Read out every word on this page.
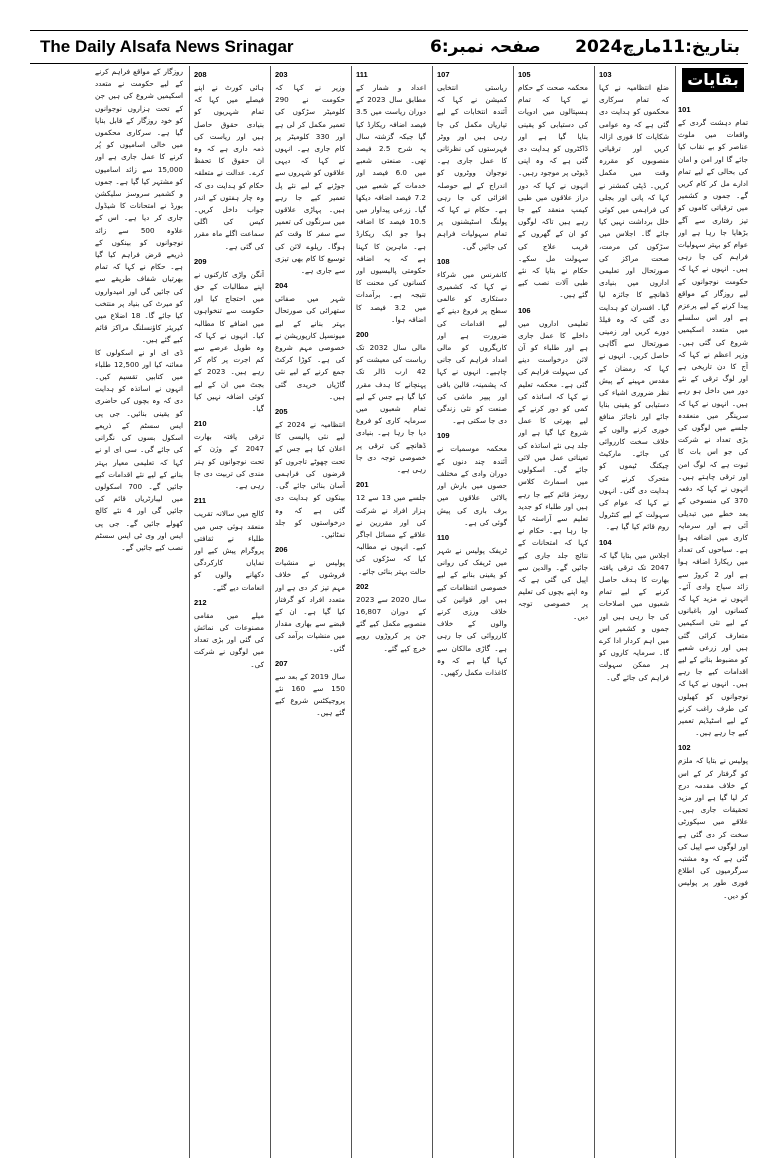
The Daily Alsafa News Srinagar	صفحہ نمبر:6 بتاریخ:11مارچ2024
بقایات
101
تمام دہشت گردی کے واقعات میں ملوث عناصر کو بے نقاب کیا جائے گا اور امن و امان کی بحالی کے لیے تمام ادارے مل کر کام کریں گے۔ جموں و کشمیر میں ترقیاتی کاموں کو تیز رفتاری سے آگے بڑھایا جا رہا ہے اور عوام کو بہتر سہولیات فراہم کی جا رہی ہیں۔ انہوں نے کہا کہ حکومت نوجوانوں کے لیے روزگار کے مواقع پیدا کرنے کے لیے پرعزم ہے اور اس سلسلے میں متعدد اسکیمیں شروع کی گئی ہیں۔ وزیر اعظم نے کہا کہ آج کا دن تاریخی ہے اور لوگ ترقی کے نئے دور میں داخل ہو رہے ہیں۔ انہوں نے کہا کہ سرینگر میں منعقدہ جلسے میں لوگوں کی بڑی تعداد نے شرکت کی جو اس بات کا ثبوت ہے کہ لوگ امن اور ترقی چاہتے ہیں۔ انہوں نے کہا کہ دفعہ 370 کی منسوخی کے بعد خطے میں تبدیلی آئی ہے اور سرمایہ کاری میں اضافہ ہوا ہے۔ سیاحوں کی تعداد میں ریکارڈ اضافہ ہوا ہے اور 2 کروڑ سے زائد سیاح وادی آئے۔ انہوں نے مزید کہا کہ کسانوں اور باغبانوں کے لیے نئی اسکیمیں متعارف کرائی گئی ہیں اور زرعی شعبے کو مضبوط بنانے کے لیے اقدامات کیے جا رہے ہیں۔ انہوں نے کہا کہ نوجوانوں کو کھیلوں کی طرف راغب کرنے کے لیے اسٹیڈیم تعمیر کیے جا رہے ہیں۔
102
پولیس نے بتایا کہ ملزم کو گرفتار کر کے اس کے خلاف مقدمہ درج کر لیا گیا ہے اور مزید تحقیقات جاری ہیں۔ علاقے میں سیکورٹی سخت کر دی گئی ہے اور لوگوں سے اپیل کی گئی ہے کہ وہ مشتبہ سرگرمیوں کی اطلاع فوری طور پر پولیس کو دیں۔
103
ضلع انتظامیہ نے کہا کہ تمام سرکاری محکموں کو ہدایت دی گئی ہے کہ وہ عوامی شکایات کا فوری ازالہ کریں اور ترقیاتی منصوبوں کو مقررہ وقت میں مکمل کریں۔ ڈپٹی کمشنر نے کہا کہ پانی اور بجلی کی فراہمی میں کوئی خلل برداشت نہیں کیا جائے گا۔ اجلاس میں سڑکوں کی مرمت، صحت مراکز کی صورتحال اور تعلیمی اداروں میں بنیادی ڈھانچے کا جائزہ لیا گیا۔ افسران کو ہدایت دی گئی کہ وہ فیلڈ دورے کریں اور زمینی صورتحال سے آگاہی حاصل کریں۔ انہوں نے کہا کہ رمضان کے مقدس مہینے کے پیش نظر ضروری اشیاء کی دستیابی کو یقینی بنایا جائے اور ناجائز منافع خوری کرنے والوں کے خلاف سخت کارروائی کی جائے۔ مارکیٹ چیکنگ ٹیموں کو متحرک کرنے کی ہدایت دی گئی۔ انہوں نے کہا کہ عوام کی سہولت کے لیے کنٹرول روم قائم کیا گیا ہے۔
104
اجلاس میں بتایا گیا کہ 2047 تک ترقی یافتہ بھارت کا ہدف حاصل کرنے کے لیے تمام شعبوں میں اصلاحات کی جا رہی ہیں اور جموں و کشمیر اس میں اہم کردار ادا کرے گا۔ سرمایہ کاروں کو ہر ممکن سہولت فراہم کی جائے گی۔
105
محکمہ صحت کے حکام نے کہا کہ تمام ہسپتالوں میں ادویات کی دستیابی کو یقینی بنایا گیا ہے اور ڈاکٹروں کو ہدایت دی گئی ہے کہ وہ اپنی ڈیوٹی پر موجود رہیں۔ انہوں نے کہا کہ دور دراز علاقوں میں طبی کیمپ منعقد کیے جا رہے ہیں تاکہ لوگوں کو ان کے گھروں کے قریب علاج کی سہولت مل سکے۔ حکام نے بتایا کہ نئے طبی آلات نصب کیے گئے ہیں۔
106
تعلیمی اداروں میں داخلے کا عمل جاری ہے اور طلباء کو آن لائن درخواست دینے کی سہولت فراہم کی گئی ہے۔ محکمہ تعلیم نے کہا کہ اساتذہ کی کمی کو دور کرنے کے لیے بھرتی کا عمل شروع کیا گیا ہے اور جلد ہی نئے اساتذہ کی تعیناتی عمل میں لائی جائے گی۔ اسکولوں میں اسمارٹ کلاس رومز قائم کیے جا رہے ہیں اور طلباء کو جدید تعلیم سے آراستہ کیا جا رہا ہے۔ حکام نے کہا کہ امتحانات کے نتائج جلد جاری کیے جائیں گے۔ والدین سے اپیل کی گئی ہے کہ وہ اپنے بچوں کی تعلیم پر خصوصی توجہ دیں۔
107
ریاستی انتخابی کمیشن نے کہا کہ آئندہ انتخابات کے لیے تیاریاں مکمل کی جا رہی ہیں اور ووٹر فہرستوں کی نظرثانی کا عمل جاری ہے۔ نوجوان ووٹروں کو اندراج کے لیے حوصلہ افزائی کی جا رہی ہے۔ حکام نے کہا کہ پولنگ اسٹیشنوں پر تمام سہولیات فراہم کی جائیں گی۔
108
کانفرنس میں شرکاء نے کہا کہ کشمیری دستکاری کو عالمی سطح پر فروغ دینے کے لیے اقدامات کی ضرورت ہے اور کاریگروں کو مالی امداد فراہم کی جانی چاہیے۔ انہوں نے کہا کہ پشمینہ، قالین بافی اور پیپر ماشی کی صنعت کو نئی زندگی دی جا سکتی ہے۔
109
محکمہ موسمیات نے آئندہ چند دنوں کے دوران وادی کے مختلف حصوں میں بارش اور بالائی علاقوں میں برف باری کی پیش گوئی کی ہے۔
110
ٹریفک پولیس نے شہر میں ٹریفک کی روانی کو یقینی بنانے کے لیے خصوصی انتظامات کیے ہیں اور قوانین کی خلاف ورزی کرنے والوں کے خلاف کارروائی کی جا رہی ہے۔ گاڑی مالکان سے کہا گیا ہے کہ وہ کاغذات مکمل رکھیں۔
111
اعداد و شمار کے مطابق سال 2023 کے دوران ریاست میں 3.5 فیصد اضافہ ریکارڈ کیا گیا جبکہ گزشتہ سال یہ شرح 2.5 فیصد تھی۔ صنعتی شعبے میں 6.0 فیصد اور خدمات کے شعبے میں 7.2 فیصد اضافہ دیکھا گیا۔ زرعی پیداوار میں 10.5 فیصد کا اضافہ ہوا جو ایک ریکارڈ ہے۔ ماہرین کا کہنا ہے کہ یہ اضافہ حکومتی پالیسیوں اور کسانوں کی محنت کا نتیجہ ہے۔ برآمدات میں 3.2 فیصد کا اضافہ ہوا۔
200
مالی سال 2032 تک ریاست کی معیشت کو 42 ارب ڈالر تک پہنچانے کا ہدف مقرر کیا گیا ہے جس کے لیے تمام شعبوں میں سرمایہ کاری کو فروغ دیا جا رہا ہے۔ بنیادی ڈھانچے کی ترقی پر خصوصی توجہ دی جا رہی ہے۔
201
جلسے میں 13 سے 12 ہزار افراد نے شرکت کی اور مقررین نے علاقے کے مسائل اجاگر کیے۔ انہوں نے مطالبہ کیا کہ سڑکوں کی حالت بہتر بنائی جائے۔
202
سال 2020 سے 2023 کے دوران 16,807 منصوبے مکمل کیے گئے جن پر کروڑوں روپے خرچ کیے گئے۔
203
وزیر نے کہا کہ حکومت نے 290 کلومیٹر سڑکوں کی تعمیر مکمل کر لی ہے اور 330 کلومیٹر پر کام جاری ہے۔ انہوں نے کہا کہ دیہی علاقوں کو شہروں سے جوڑنے کے لیے نئے پل تعمیر کیے جا رہے ہیں۔ پہاڑی علاقوں میں سرنگوں کی تعمیر سے سفر کا وقت کم ہوگا۔ ریلوے لائن کی توسیع کا کام بھی تیزی سے جاری ہے۔
204
شہر میں صفائی ستھرائی کی صورتحال بہتر بنانے کے لیے میونسپل کارپوریشن نے خصوصی مہم شروع کی ہے۔ کوڑا کرکٹ جمع کرنے کے لیے نئی گاڑیاں خریدی گئی ہیں۔
205
انتظامیہ نے 2024 کے لیے نئی پالیسی کا اعلان کیا ہے جس کے تحت چھوٹے تاجروں کو قرضوں کی فراہمی آسان بنائی جائے گی۔ بینکوں کو ہدایت دی گئی ہے کہ وہ درخواستوں کو جلد نمٹائیں۔
206
پولیس نے منشیات فروشوں کے خلاف مہم تیز کر دی ہے اور متعدد افراد کو گرفتار کیا گیا ہے۔ ان کے قبضے سے بھاری مقدار میں منشیات برآمد کی گئی۔
207
سال 2019 کے بعد سے 150 سے 160 نئے پروجیکٹس شروع کیے گئے ہیں۔
208
ہائی کورٹ نے اپنے فیصلے میں کہا کہ تمام شہریوں کو بنیادی حقوق حاصل ہیں اور ریاست کی ذمہ داری ہے کہ وہ ان حقوق کا تحفظ کرے۔ عدالت نے متعلقہ حکام کو ہدایت دی کہ وہ چار ہفتوں کے اندر جواب داخل کریں۔ کیس کی اگلی سماعت اگلے ماہ مقرر کی گئی ہے۔
209
آنگن واڑی کارکنوں نے اپنے مطالبات کے حق میں احتجاج کیا اور حکومت سے تنخواہوں میں اضافے کا مطالبہ کیا۔ انہوں نے کہا کہ وہ طویل عرصے سے کم اجرت پر کام کر رہے ہیں۔ 2023 کے بجٹ میں ان کے لیے کوئی اضافہ نہیں کیا گیا۔
210
ترقی یافتہ بھارت 2047 کے وژن کے تحت نوجوانوں کو ہنر مندی کی تربیت دی جا رہی ہے۔
211
کالج میں سالانہ تقریب منعقد ہوئی جس میں طلباء نے ثقافتی پروگرام پیش کیے اور نمایاں کارکردگی دکھانے والوں کو انعامات دیے گئے۔
212
میلے میں مقامی مصنوعات کی نمائش کی گئی اور بڑی تعداد میں لوگوں نے شرکت کی۔
روزگار کے مواقع فراہم کرنے کے لیے حکومت نے متعدد اسکیمیں شروع کی ہیں جن کے تحت ہزاروں نوجوانوں کو خود روزگار کے قابل بنایا گیا ہے۔ سرکاری محکموں میں خالی اسامیوں کو پُر کرنے کا عمل جاری ہے اور 15,000 سے زائد اسامیوں کو مشتہر کیا گیا ہے۔ جموں و کشمیر سروسز سلیکشن بورڈ نے امتحانات کا شیڈول جاری کر دیا ہے۔ اس کے علاوہ 500 سے زائد نوجوانوں کو بینکوں کے ذریعے قرض فراہم کیا گیا ہے۔ حکام نے کہا کہ تمام بھرتیاں شفاف طریقے سے کی جائیں گی اور امیدواروں کو میرٹ کی بنیاد پر منتخب کیا جائے گا۔ 18 اضلاع میں کیریئر کاؤنسلنگ مراکز قائم کیے گئے ہیں۔
ڈی ای او نے اسکولوں کا معائنہ کیا اور 12,500 طلباء میں کتابیں تقسیم کیں۔ انہوں نے اساتذہ کو ہدایت دی کہ وہ بچوں کی حاضری کو یقینی بنائیں۔ جی پی ایس سسٹم کے ذریعے اسکول بسوں کی نگرانی کی جائے گی۔ سی ای او نے کہا کہ تعلیمی معیار بہتر بنانے کے لیے نئے اقدامات کیے جائیں گے۔ 700 اسکولوں میں لیبارٹریاں قائم کی جائیں گی اور 4 نئے کالج کھولے جائیں گے۔ جی پی ایس اور وی ٹی ایس سسٹم نصب کیے جائیں گے۔
